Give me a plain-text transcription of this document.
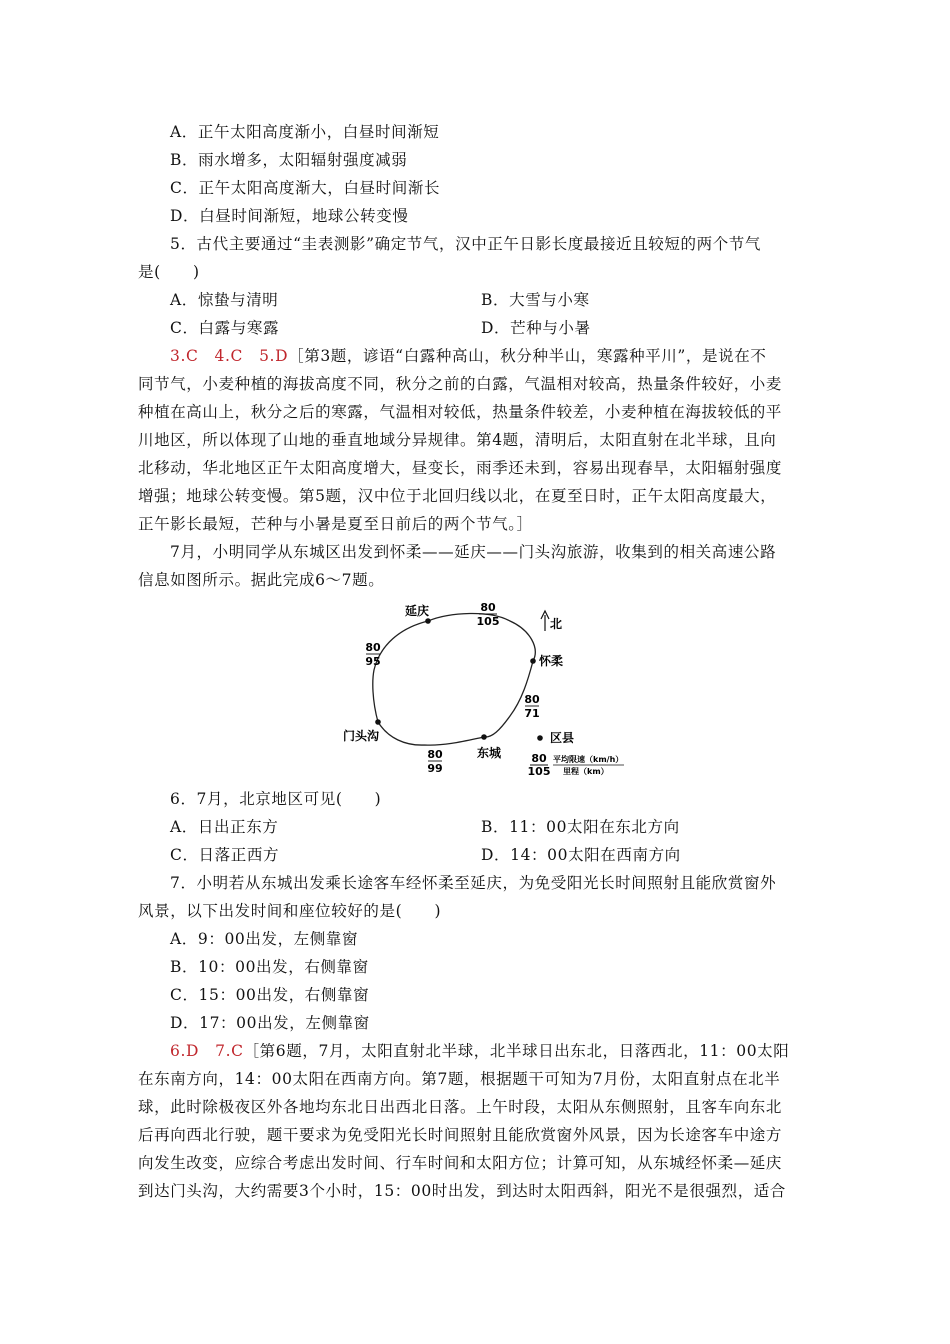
A．正午太阳高度渐小，白昼时间渐短
B．雨水增多，太阳辐射强度减弱
C．正午太阳高度渐大，白昼时间渐长
D．白昼时间渐短，地球公转变慢
5．古代主要通过“圭表测影”确定节气，汉中正午日影长度最接近且较短的两个节气
是(　　)
A．惊蛰与清明	B．大雪与小寒
C．白露与寒露	D．芒种与小暑
3.C　4.C　5.D［第3题，谚语“白露种高山，秋分种半山，寒露种平川”，是说在不
同节气，小麦种植的海拔高度不同，秋分之前的白露，气温相对较高，热量条件较好，小麦
种植在高山上，秋分之后的寒露，气温相对较低，热量条件较差，小麦种植在海拔较低的平
川地区，所以体现了山地的垂直地域分异规律。第4题，清明后，太阳直射在北半球，且向
北移动，华北地区正午太阳高度增大，昼变长，雨季还未到，容易出现春旱，太阳辐射强度
增强；地球公转变慢。第5题，汉中位于北回归线以北，在夏至日时，正午太阳高度最大，
正午影长最短，芒种与小暑是夏至日前后的两个节气。］
7月，小明同学从东城区出发到怀柔——延庆——门头沟旅游，收集到的相关高速公路
信息如图所示。据此完成6～7题。
延庆
怀柔
门头沟
东城
北
80
105
80
95
80
71
80
99
区县
80
105
平均限速（km/h）
里程（km）
6．7月，北京地区可见(　　)
A．日出正东方	B．11：00太阳在东北方向
C．日落正西方	D．14：00太阳在西南方向
7．小明若从东城出发乘长途客车经怀柔至延庆，为免受阳光长时间照射且能欣赏窗外
风景，以下出发时间和座位较好的是(　　)
A．9：00出发，左侧靠窗
B．10：00出发，右侧靠窗
C．15：00出发，右侧靠窗
D．17：00出发，左侧靠窗
6.D　7.C［第6题，7月，太阳直射北半球，北半球日出东北，日落西北，11：00太阳
在东南方向，14：00太阳在西南方向。第7题，根据题干可知为7月份，太阳直射点在北半
球，此时除极夜区外各地均东北日出西北日落。上午时段，太阳从东侧照射，且客车向东北
后再向西北行驶，题干要求为免受阳光长时间照射且能欣赏窗外风景，因为长途客车中途方
向发生改变，应综合考虑出发时间、行车时间和太阳方位；计算可知，从东城经怀柔—延庆
到达门头沟，大约需要3个小时，15：00时出发，到达时太阳西斜，阳光不是很强烈，适合
